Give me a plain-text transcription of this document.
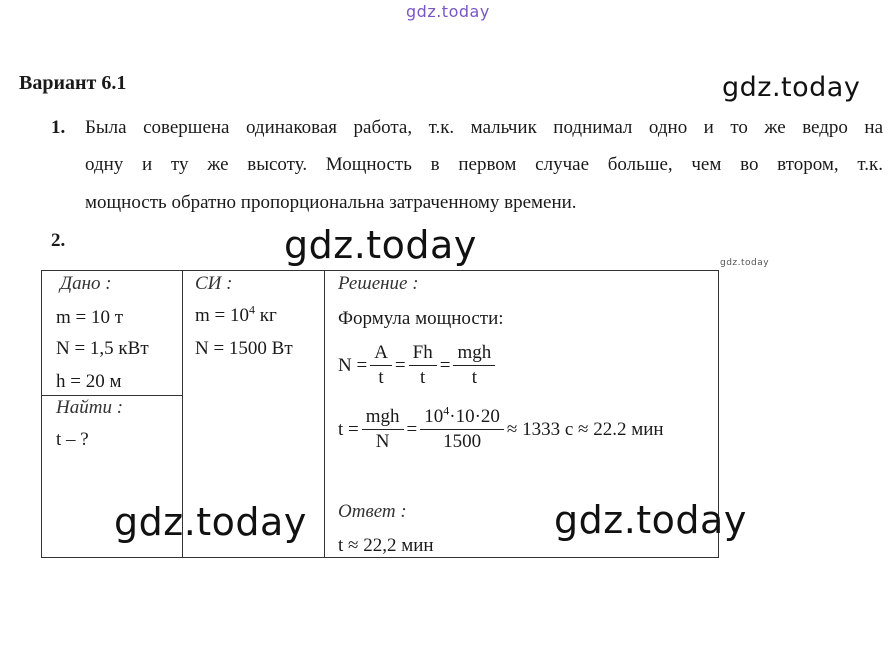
gdz.today
gdz.today
gdz.today	gdz.today
Вариант 6.1
1. Была совершена одинаковая работа, т.к. мальчик поднимал одно и то же ведро на
одну и ту же высоту. Мощность в первом случае больше, чем во втором, т.к.
мощность обратно пропорциональна затраченному времени.
2.
Дано :
m = 10 т
N = 1,5 кВт
h = 20 м
Найти :
t – ?
СИ :
$m = 10^4$ кг
N = 1500 Вт
Решение :
Формула мощности:
$N = \frac{A}{t} = \frac{Fh}{t} = \frac{\text{mgh}}{t}$
$t = \frac{\text{mgh}}{N} = \frac{10^4\cdot 10\cdot 20}{1500} \approx 1333$ с ≈ 22.2 мин
Ответ :
t ≈ 22,2 мин
gdz.today	gdz.today
